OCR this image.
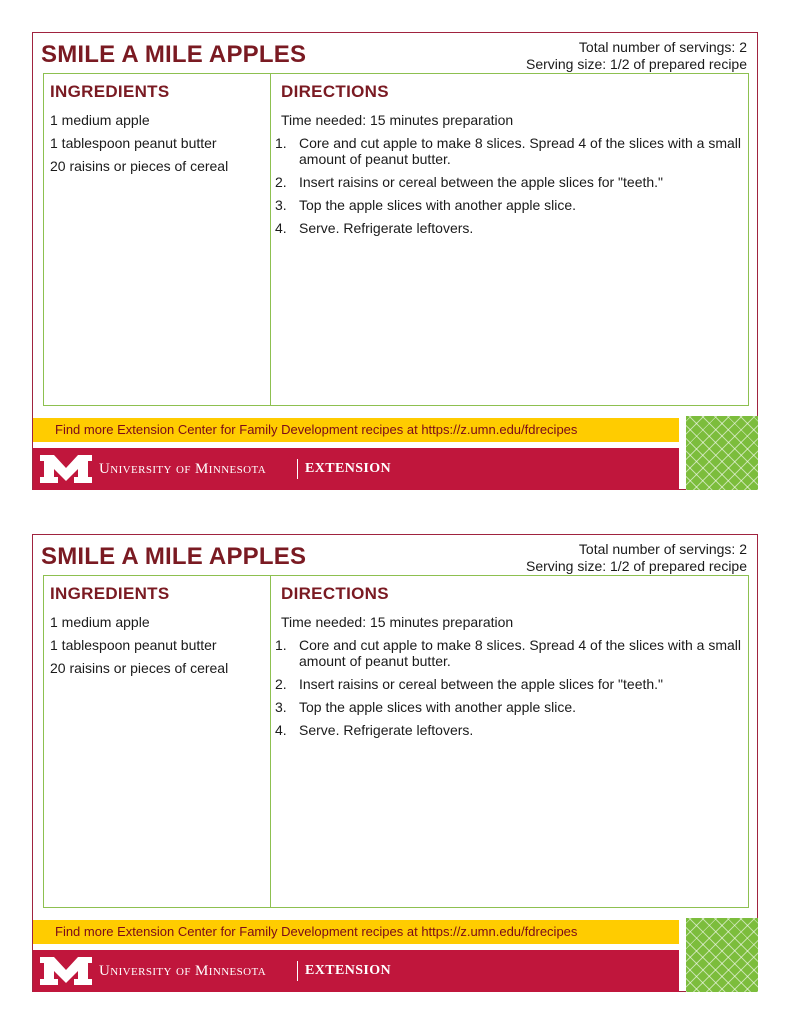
SMILE A MILE APPLES	Total number of servings: 2
Serving size: 1/2 of prepared recipe
INGREDIENTS
1 medium apple
1 tablespoon peanut butter
20 raisins or pieces of cereal
DIRECTIONS
Time needed: 15 minutes preparation
1. Core and cut apple to make 8 slices. Spread 4 of the slices with a small amount of peanut butter.
2. Insert raisins or cereal between the apple slices for "teeth."
3. Top the apple slices with another apple slice.
4. Serve. Refrigerate leftovers.
Find more Extension Center for Family Development recipes at https://z.umn.edu/fdrecipes
University of Minnesota	EXTENSION
SMILE A MILE APPLES	Total number of servings: 2
Serving size: 1/2 of prepared recipe
INGREDIENTS
1 medium apple
1 tablespoon peanut butter
20 raisins or pieces of cereal
DIRECTIONS
Time needed: 15 minutes preparation
1. Core and cut apple to make 8 slices. Spread 4 of the slices with a small amount of peanut butter.
2. Insert raisins or cereal between the apple slices for "teeth."
3. Top the apple slices with another apple slice.
4. Serve. Refrigerate leftovers.
Find more Extension Center for Family Development recipes at https://z.umn.edu/fdrecipes
University of Minnesota	EXTENSION
